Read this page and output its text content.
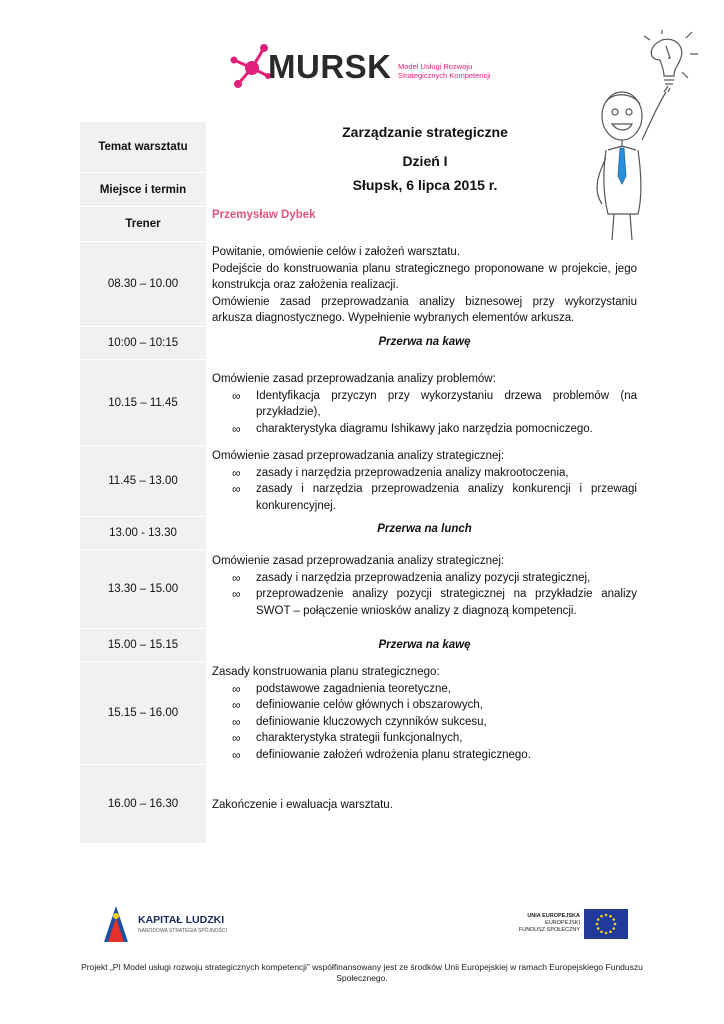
MURSK Model Usługi Rozwoju
Strategicznych Kompetencji
Zarządzanie strategiczne
Dzień I
Słupsk, 6 lipca 2015 r.
Przemysław Dybek
Temat warsztatu
Miejsce i termin
Trener
08.30 – 10.00
10:00 – 10:15
10.15 – 11.45
11.45 – 13.00
13.00 - 13.30
13.30 – 15.00
15.00 – 15.15
15.15 – 16.00
16.00 – 16.30

Powitanie, omówienie celów i założeń warsztatu.

Podejście do konstruowania planu strategicznego proponowane w projekcie, jego konstrukcja oraz założenia realizacji.

Omówienie zasad przeprowadzania analizy biznesowej przy wykorzystaniu arkusza diagnostycznego. Wypełnienie wybranych elementów arkusza.

Przerwa na kawę

Omówienie zasad przeprowadzania analizy problemów:

∞ Identyfikacja przyczyn przy wykorzystaniu drzewa problemów (na przykładzie),
∞ charakterystyka diagramu Ishikawy jako narzędzia pomocniczego.

Omówienie zasad przeprowadzania analizy strategicznej:

∞ zasady i narzędzia przeprowadzenia analizy makrootoczenia,
∞ zasady i narzędzia przeprowadzenia analizy konkurencji i przewagi konkurencyjnej.
Przerwa na lunch

Omówienie zasad przeprowadzania analizy strategicznej:

∞ zasady i narzędzia przeprowadzenia analizy pozycji strategicznej,
∞ przeprowadzenie analizy pozycji strategicznej na przykładzie analizy SWOT – połączenie wniosków analizy z diagnozą kompetencji.
Przerwa na kawę

Zasady konstruowania planu strategicznego:

∞ podstawowe zagadnienia teoretyczne,
∞ definiowanie celów głównych i obszarowych,
∞ definiowanie kluczowych czynników sukcesu,
∞ charakterystyka strategii funkcjonalnych,
∞ definiowanie założeń wdrożenia planu strategicznego.

Zakończenie i ewaluacja warsztatu.

KAPITAŁ LUDZKI
NARODOWA STRATEGIA SPÓJNOŚCI
UNIA EUROPEJSKA
EUROPEJSKI
FUNDUSZ SPOŁECZNY
Projekt „PI Model usługi rozwoju strategicznych kompetencji” współfinansowany jest ze środków Unii Europejskiej w ramach Europejskiego Funduszu Społecznego.
